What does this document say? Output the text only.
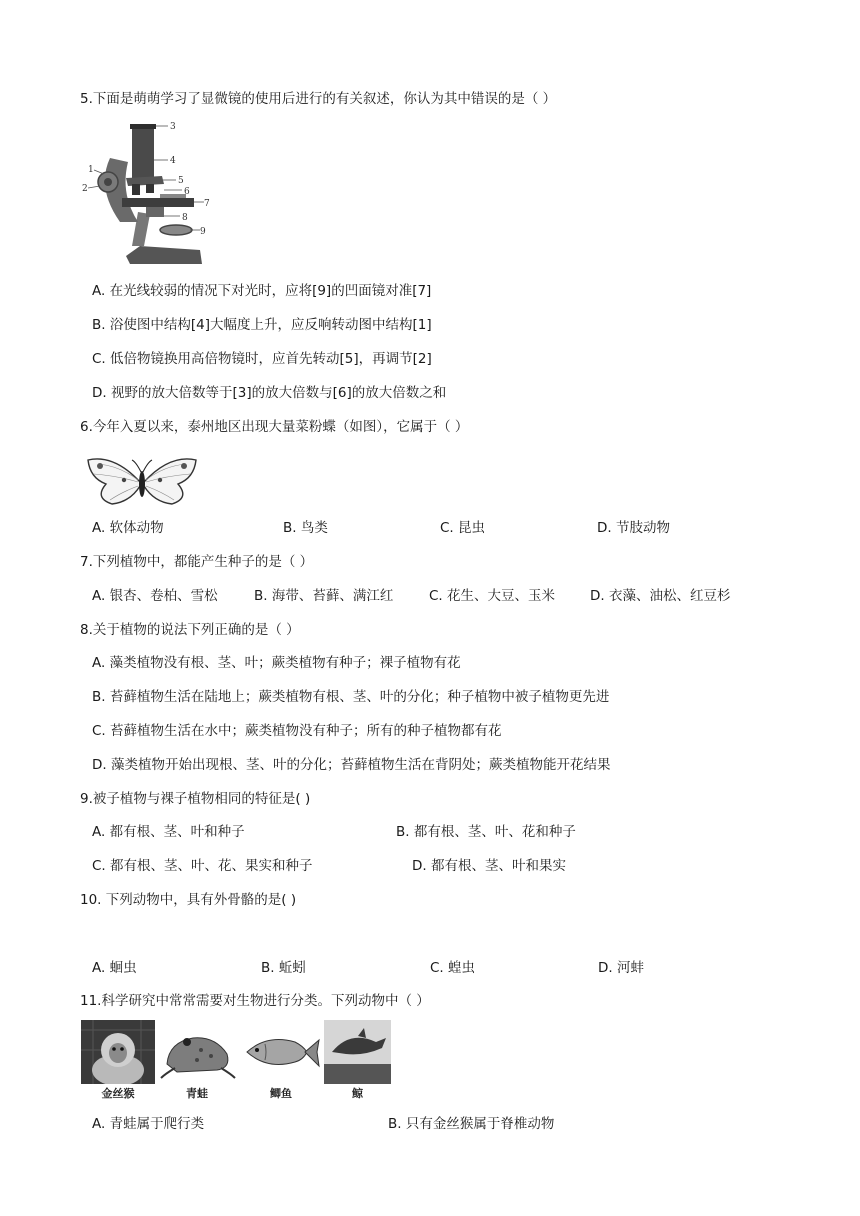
5.下面是萌萌学习了显微镜的使用后进行的有关叙述，你认为其中错误的是（ ）
3
4
5
6
7
8
9
1
2
A. 在光线较弱的情况下对光时，应将[9]的凹面镜对准[7]
B. 浴使图中结构[4]大幅度上升，应反响转动图中结构[1]
C. 低倍物镜换用高倍物镜时，应首先转动[5]，再调节[2]
D. 视野的放大倍数等于[3]的放大倍数与[6]的放大倍数之和
6.今年入夏以来，泰州地区出现大量菜粉蝶（如图），它属于（ ）
A. 软体动物	B. 鸟类	C. 昆虫	D. 节肢动物
7.下列植物中，都能产生种子的是（ ）
A. 银杏、卷柏、雪松	B. 海带、苔藓、满江红	C. 花生、大豆、玉米	D. 衣藻、油松、红豆杉
8.关于植物的说法下列正确的是（ ）
A. 藻类植物没有根、茎、叶；蕨类植物有种子；裸子植物有花
B. 苔藓植物生活在陆地上；蕨类植物有根、茎、叶的分化；种子植物中被子植物更先进
C. 苔藓植物生活在水中；蕨类植物没有种子；所有的种子植物都有花
D. 藻类植物开始出现根、茎、叶的分化；苔藓植物生活在背阴处；蕨类植物能开花结果
9.被子植物与裸子植物相同的特征是( )
A. 都有根、茎、叶和种子	B. 都有根、茎、叶、花和种子
C. 都有根、茎、叶、花、果实和种子	D. 都有根、茎、叶和果实
10. 下列动物中，具有外骨骼的是( )
A. 蛔虫	B. 蚯蚓	C. 蝗虫	D. 河蚌
11.科学研究中常常需要对生物进行分类。下列动物中（ ）
金丝猴	青蛙	鲫鱼	鲸
A. 青蛙属于爬行类	B. 只有金丝猴属于脊椎动物
